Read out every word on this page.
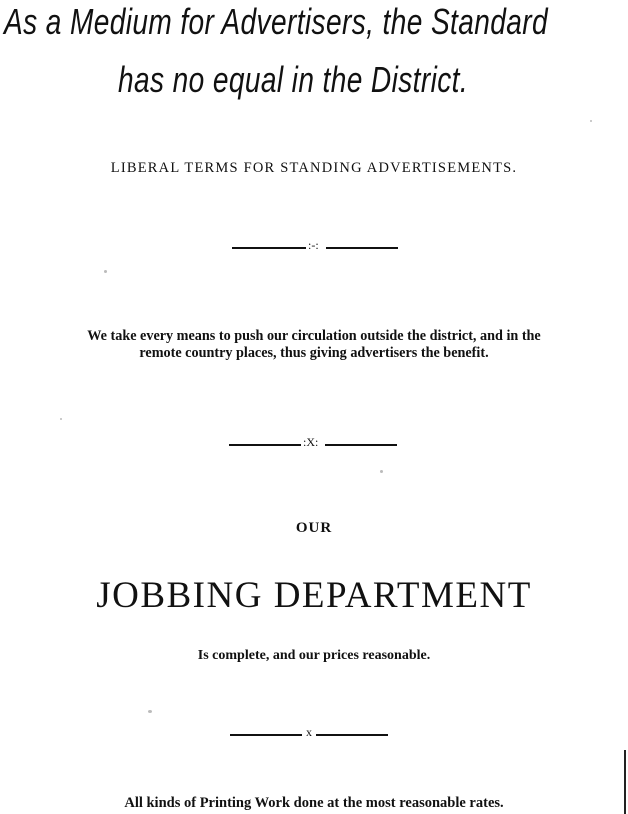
As a Medium for Advertisers, the Standard
has no equal in the District.
LIBERAL TERMS FOR STANDING ADVERTISEMENTS.
:-:
We take every means to push our circulation outside the district, and in the
remote country places, thus giving advertisers the benefit.
:X:
OUR
JOBBING DEPARTMENT
Is complete, and our prices reasonable.
x
All kinds of Printing Work done at the most reasonable rates.
